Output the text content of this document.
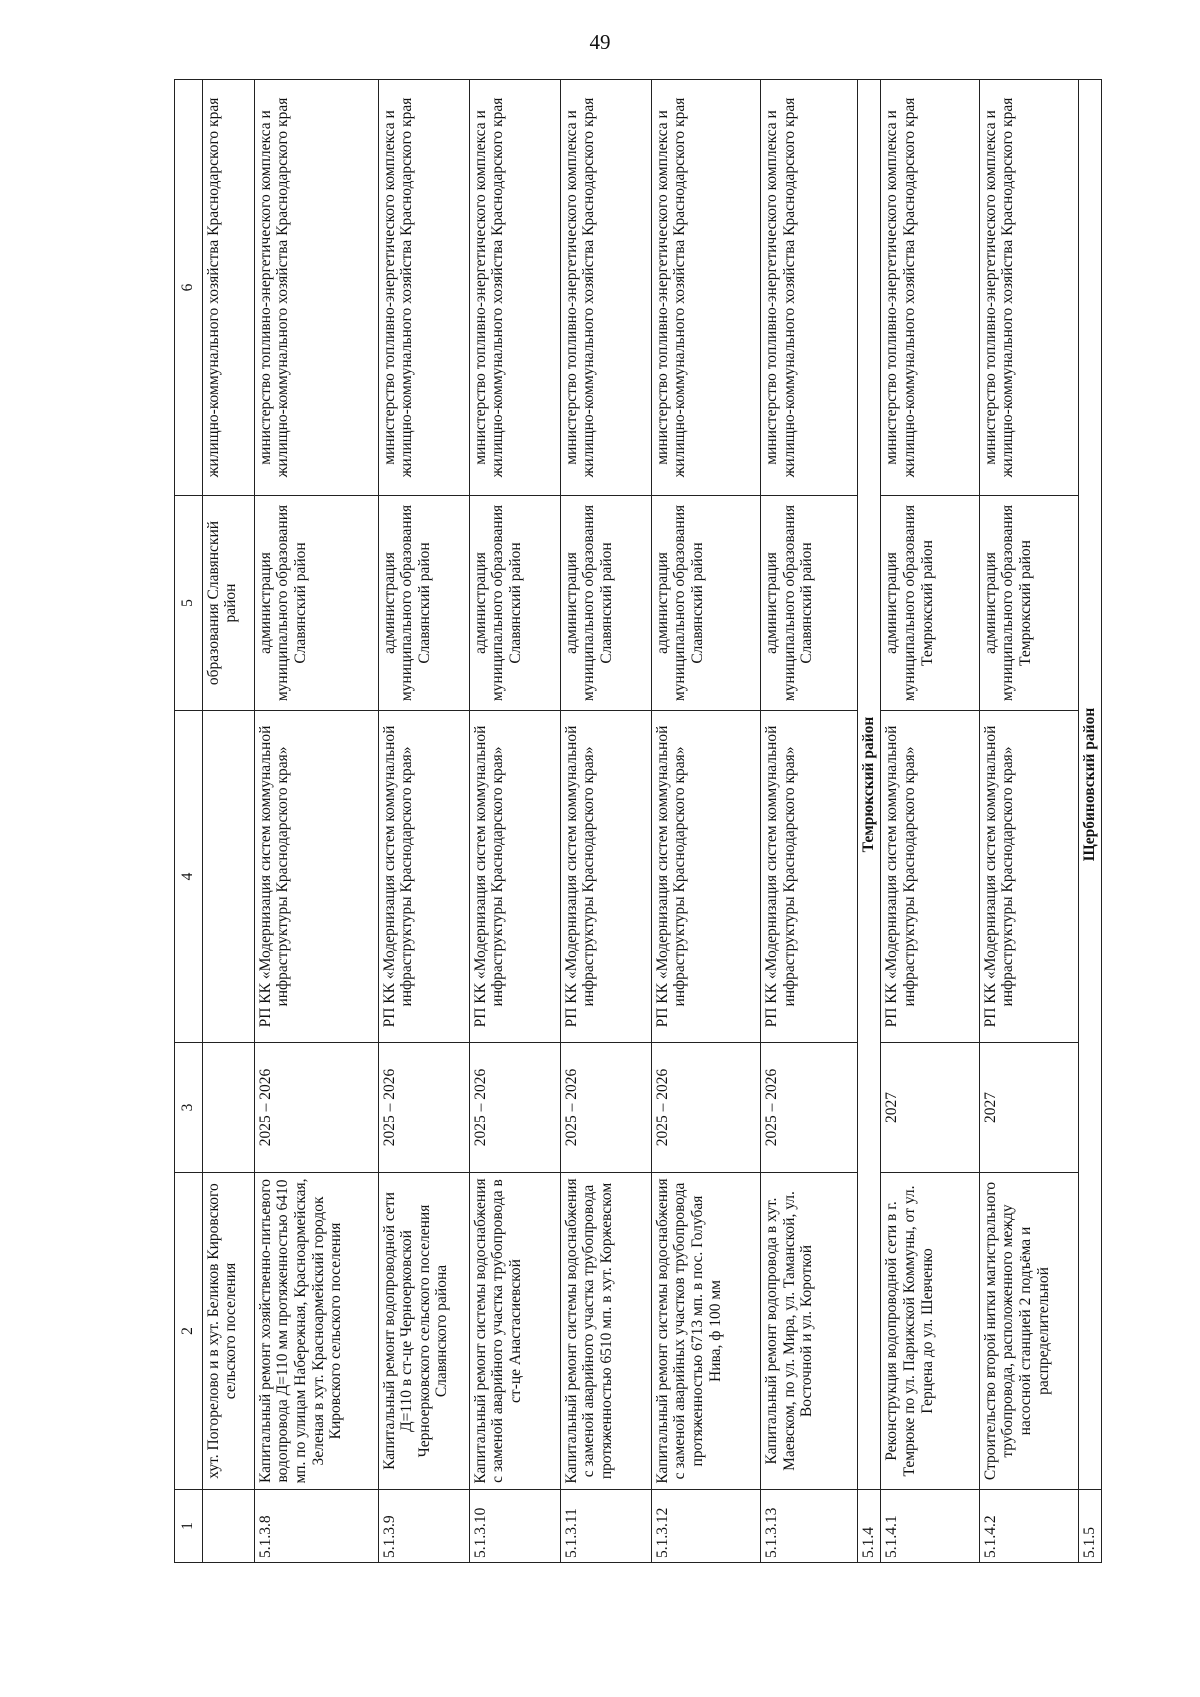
49
1	2	3	4	5	6
	хут. Погорелово и в хут. Беликов Кировского сельского поселения			образования Славянский район	жилищно-коммунального хозяйства Краснодарского края
5.1.3.8	Капитальный ремонт хозяйственно-питьевого водопровода Д=110 мм протяженностью 6410 мп. по улицам Набережная, Красноармейская, Зеленая в хут. Красноармейский городок Кировского сельского поселения	2025 – 2026	РП КК «Модернизация систем коммунальной инфраструктуры Краснодарского края»	администрация муниципального образования Славянский район	министерство топливно-энергетического комплекса и жилищно-коммунального хозяйства Краснодарского края
5.1.3.9	Капитальный ремонт водопроводной сети Д=110 в ст-це Черноерковской Черноерковского сельского поселения Славянского района	2025 – 2026	РП КК «Модернизация систем коммунальной инфраструктуры Краснодарского края»	администрация муниципального образования Славянский район	министерство топливно-энергетического комплекса и жилищно-коммунального хозяйства Краснодарского края
5.1.3.10	Капитальный ремонт системы водоснабжения с заменой аварийного участка трубопровода в ст-це Анастасиевской	2025 – 2026	РП КК «Модернизация систем коммунальной инфраструктуры Краснодарского края»	администрация муниципального образования Славянский район	министерство топливно-энергетического комплекса и жилищно-коммунального хозяйства Краснодарского края
5.1.3.11	Капитальный ремонт системы водоснабжения с заменой аварийного участка трубопровода протяженностью 6510 мп. в хут. Коржевском	2025 – 2026	РП КК «Модернизация систем коммунальной инфраструктуры Краснодарского края»	администрация муниципального образования Славянский район	министерство топливно-энергетического комплекса и жилищно-коммунального хозяйства Краснодарского края
5.1.3.12	Капитальный ремонт системы водоснабжения с заменой аварийных участков трубопровода протяженностью 6713 мп. в пос. Голубая Нива, ф 100 мм	2025 – 2026	РП КК «Модернизация систем коммунальной инфраструктуры Краснодарского края»	администрация муниципального образования Славянский район	министерство топливно-энергетического комплекса и жилищно-коммунального хозяйства Краснодарского края
5.1.3.13	Капитальный ремонт водопровода в хут. Маевском, по ул. Мира, ул. Таманской, ул. Восточной и ул. Короткой	2025 – 2026	РП КК «Модернизация систем коммунальной инфраструктуры Краснодарского края»	администрация муниципального образования Славянский район	министерство топливно-энергетического комплекса и жилищно-коммунального хозяйства Краснодарского края
5.1.4	Темрюкский район				
5.1.4.1	Реконструкция водопроводной сети в г. Темрюке по ул. Парижской Коммуны, от ул. Герцена до ул. Шевченко	2027	РП КК «Модернизация систем коммунальной инфраструктуры Краснодарского края»	администрация муниципального образования Темрюкский район	министерство топливно-энергетического комплекса и жилищно-коммунального хозяйства Краснодарского края
5.1.4.2	Строительство второй нитки магистрального трубопровода, расположенного между насосной станцией 2 подъёма и распределительной	2027	РП КК «Модернизация систем коммунальной инфраструктуры Краснодарского края»	администрация муниципального образования Темрюкский район	министерство топливно-энергетического комплекса и жилищно-коммунального хозяйства Краснодарского края
5.1.5	Щербиновский район				
